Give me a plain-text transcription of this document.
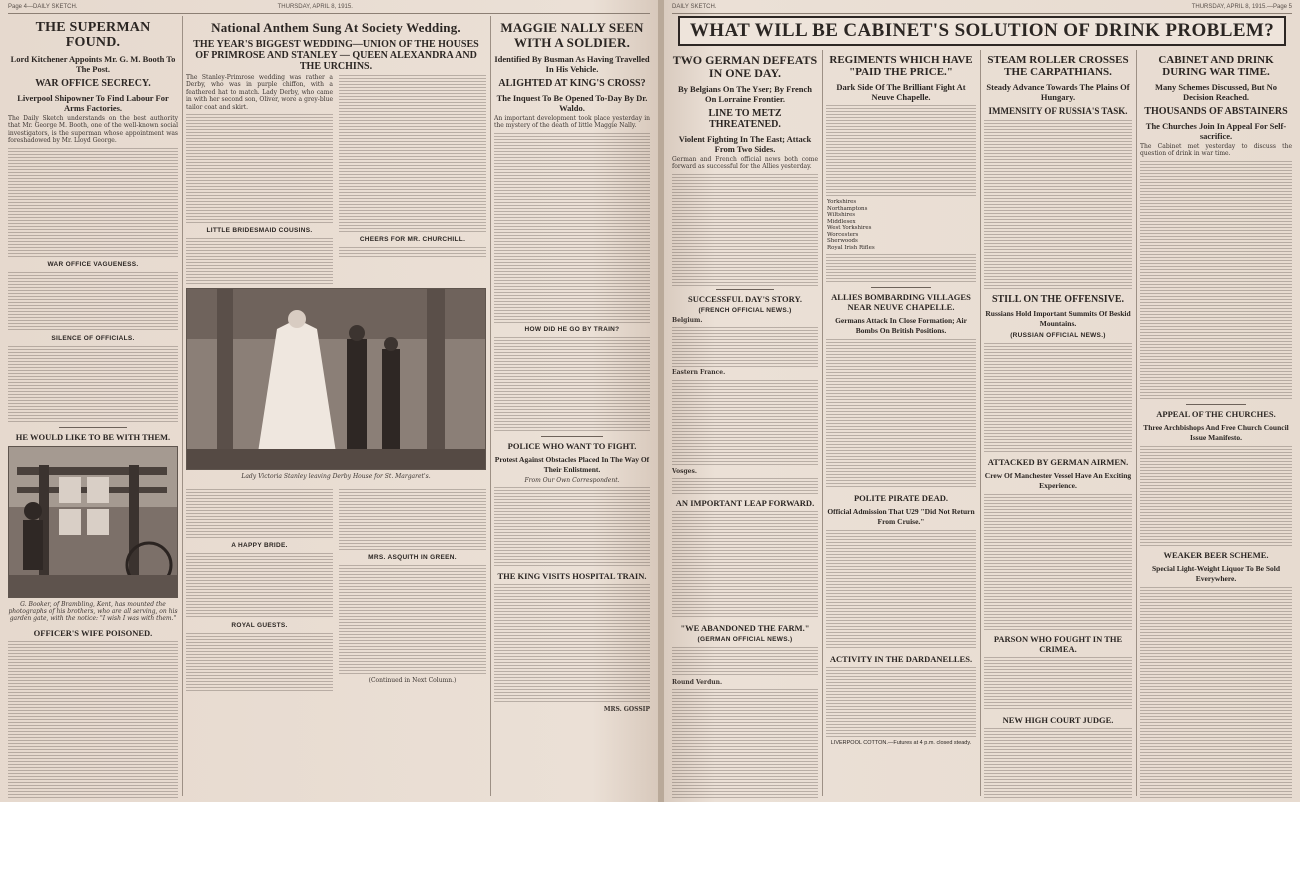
Page 4—DAILY SKETCH.	THURSDAY, APRIL 8, 1915.
THE SUPERMAN FOUND.
Lord Kitchener Appoints Mr. G. M. Booth To The Post.
WAR OFFICE SECRECY.
Liverpool Shipowner To Find Labour For Arms Factories.

The Daily Sketch understands on the best authority that Mr. George M. Booth, one of the well-known social investigators, is the superman whose appointment was foreshadowed by Mr. Lloyd George.

WAR OFFICE VAGUENESS.
SILENCE OF OFFICIALS.
HE WOULD LIKE TO BE WITH THEM.

G. Booker, of Brambling, Kent, has mounted the photographs of his brothers, who are all serving, on his garden gate, with the notice: "I wish I was with them."

OFFICER'S WIFE POISONED.
National Anthem Sung At Society Wedding.
THE YEAR'S BIGGEST WEDDING—UNION OF THE HOUSES OF PRIMROSE AND STANLEY — QUEEN ALEXANDRA AND THE URCHINS.

The Stanley-Primrose wedding was rather a Derby, who was in purple chiffon, with a feathered hat to match. Lady Derby, who came in with her second son, Oliver, wore a grey-blue tailor coat and skirt.

LITTLE BRIDESMAID COUSINS.
CHEERS FOR MR. CHURCHILL.

Lady Victoria Stanley leaving Derby House for St. Margaret's.

A HAPPY BRIDE.
ROYAL GUESTS.
MRS. ASQUITH IN GREEN.

(Continued in Next Column.)

MAGGIE NALLY SEEN WITH A SOLDIER.
Identified By Busman As Having Travelled In His Vehicle.
ALIGHTED AT KING'S CROSS?
The Inquest To Be Opened To-Day By Dr. Waldo.

An important development took place yesterday in the mystery of the death of little Maggie Nally.

HOW DID HE GO BY TRAIN?
POLICE WHO WANT TO FIGHT.
Protest Against Obstacles Placed In The Way Of Their Enlistment.

From Our Own Correspondent.

THE KING VISITS HOSPITAL TRAIN.

MRS. GOSSIP

DAILY SKETCH.	THURSDAY, APRIL 8, 1915.—Page 5
WHAT WILL BE CABINET'S SOLUTION OF DRINK PROBLEM?
TWO GERMAN DEFEATS IN ONE DAY.
By Belgians On The Yser; By French On Lorraine Frontier.
LINE TO METZ THREATENED.
Violent Fighting In The East; Attack From Two Sides.

German and French official news both come forward as successful for the Allies yesterday.

SUCCESSFUL DAY'S STORY.
(FRENCH OFFICIAL NEWS.)

Belgium.

Eastern France.

Vosges.

AN IMPORTANT LEAP FORWARD.
"WE ABANDONED THE FARM."
(GERMAN OFFICIAL NEWS.)

Round Verdun.

REGIMENTS WHICH HAVE "PAID THE PRICE."
Dark Side Of The Brilliant Fight At Neuve Chapelle.
Yorkshires		
Northamptons		
Wiltshires		
Middlesex		
West Yorkshires		
Worcesters		
Sherwoods		
Royal Irish Rifles		
ALLIES BOMBARDING VILLAGES NEAR NEUVE CHAPELLE.
Germans Attack In Close Formation; Air Bombs On British Positions.
POLITE PIRATE DEAD.
Official Admission That U29 "Did Not Return From Cruise."
ACTIVITY IN THE DARDANELLES.

LIVERPOOL COTTON.—Futures at 4 p.m. closed steady.

STEAM ROLLER CROSSES THE CARPATHIANS.
Steady Advance Towards The Plains Of Hungary.
IMMENSITY OF RUSSIA'S TASK.
STILL ON THE OFFENSIVE.
Russians Hold Important Summits Of Beskid Mountains.
(RUSSIAN OFFICIAL NEWS.)
ATTACKED BY GERMAN AIRMEN.
Crew Of Manchester Vessel Have An Exciting Experience.
PARSON WHO FOUGHT IN THE CRIMEA.
NEW HIGH COURT JUDGE.
CABINET AND DRINK DURING WAR TIME.
Many Schemes Discussed, But No Decision Reached.
THOUSANDS OF ABSTAINERS
The Churches Join In Appeal For Self-sacrifice.

The Cabinet met yesterday to discuss the question of drink in war time.

APPEAL OF THE CHURCHES.
Three Archbishops And Free Church Council Issue Manifesto.
WEAKER BEER SCHEME.
Special Light-Weight Liquor To Be Sold Everywhere.
